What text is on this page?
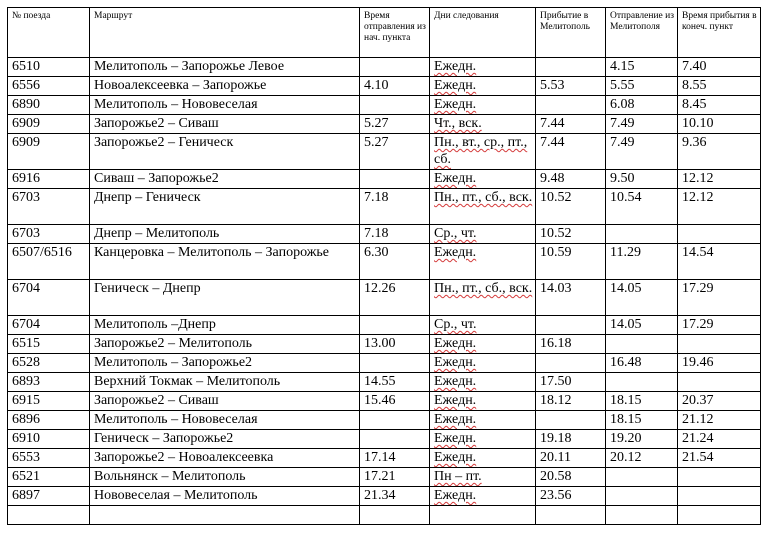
№ поезда	Маршрут	Время отправления из нач. пункта	Дни следования	Прибытие в Мелитополь	Отправление из Мелитополя	Время прибытия в конеч. пункт
6510	Мелитополь – Запорожье Левое		Ежедн.		4.15	7.40
6556	Новоалексеевка – Запорожье	4.10	Ежедн.	5.53	5.55	8.55
6890	Мелитополь – Нововеселая		Ежедн.		6.08	8.45
6909	Запорожье2 – Сиваш	5.27	Чт., вск.	7.44	7.49	10.10
6909	Запорожье2 – Геническ	5.27	Пн., вт., ср., пт., сб.	7.44	7.49	9.36
6916	Сиваш – Запорожье2		Ежедн.	9.48	9.50	12.12
6703	Днепр – Геническ	7.18	Пн., пт., сб., вск.	10.52	10.54	12.12
6703	Днепр – Мелитополь	7.18	Ср., чт.	10.52		
6507/6516	Канцеровка – Мелитополь – Запорожье	6.30	Ежедн.	10.59	11.29	14.54
6704	Геническ – Днепр	12.26	Пн., пт., сб., вск.	14.03	14.05	17.29
6704	Мелитополь –Днепр		Ср., чт.		14.05	17.29
6515	Запорожье2 – Мелитополь	13.00	Ежедн.	16.18		
6528	Мелитополь – Запорожье2		Ежедн.		16.48	19.46
6893	Верхний Токмак – Мелитополь	14.55	Ежедн.	17.50		
6915	Запорожье2 – Сиваш	15.46	Ежедн.	18.12	18.15	20.37
6896	Мелитополь – Нововеселая		Ежедн.		18.15	21.12
6910	Геническ – Запорожье2		Ежедн.	19.18	19.20	21.24
6553	Запорожье2 – Новоалексеевка	17.14	Ежедн.	20.11	20.12	21.54
6521	Вольнянск – Мелитополь	17.21	Пн – пт.	20.58		
6897	Нововеселая – Мелитополь	21.34	Ежедн.	23.56		
